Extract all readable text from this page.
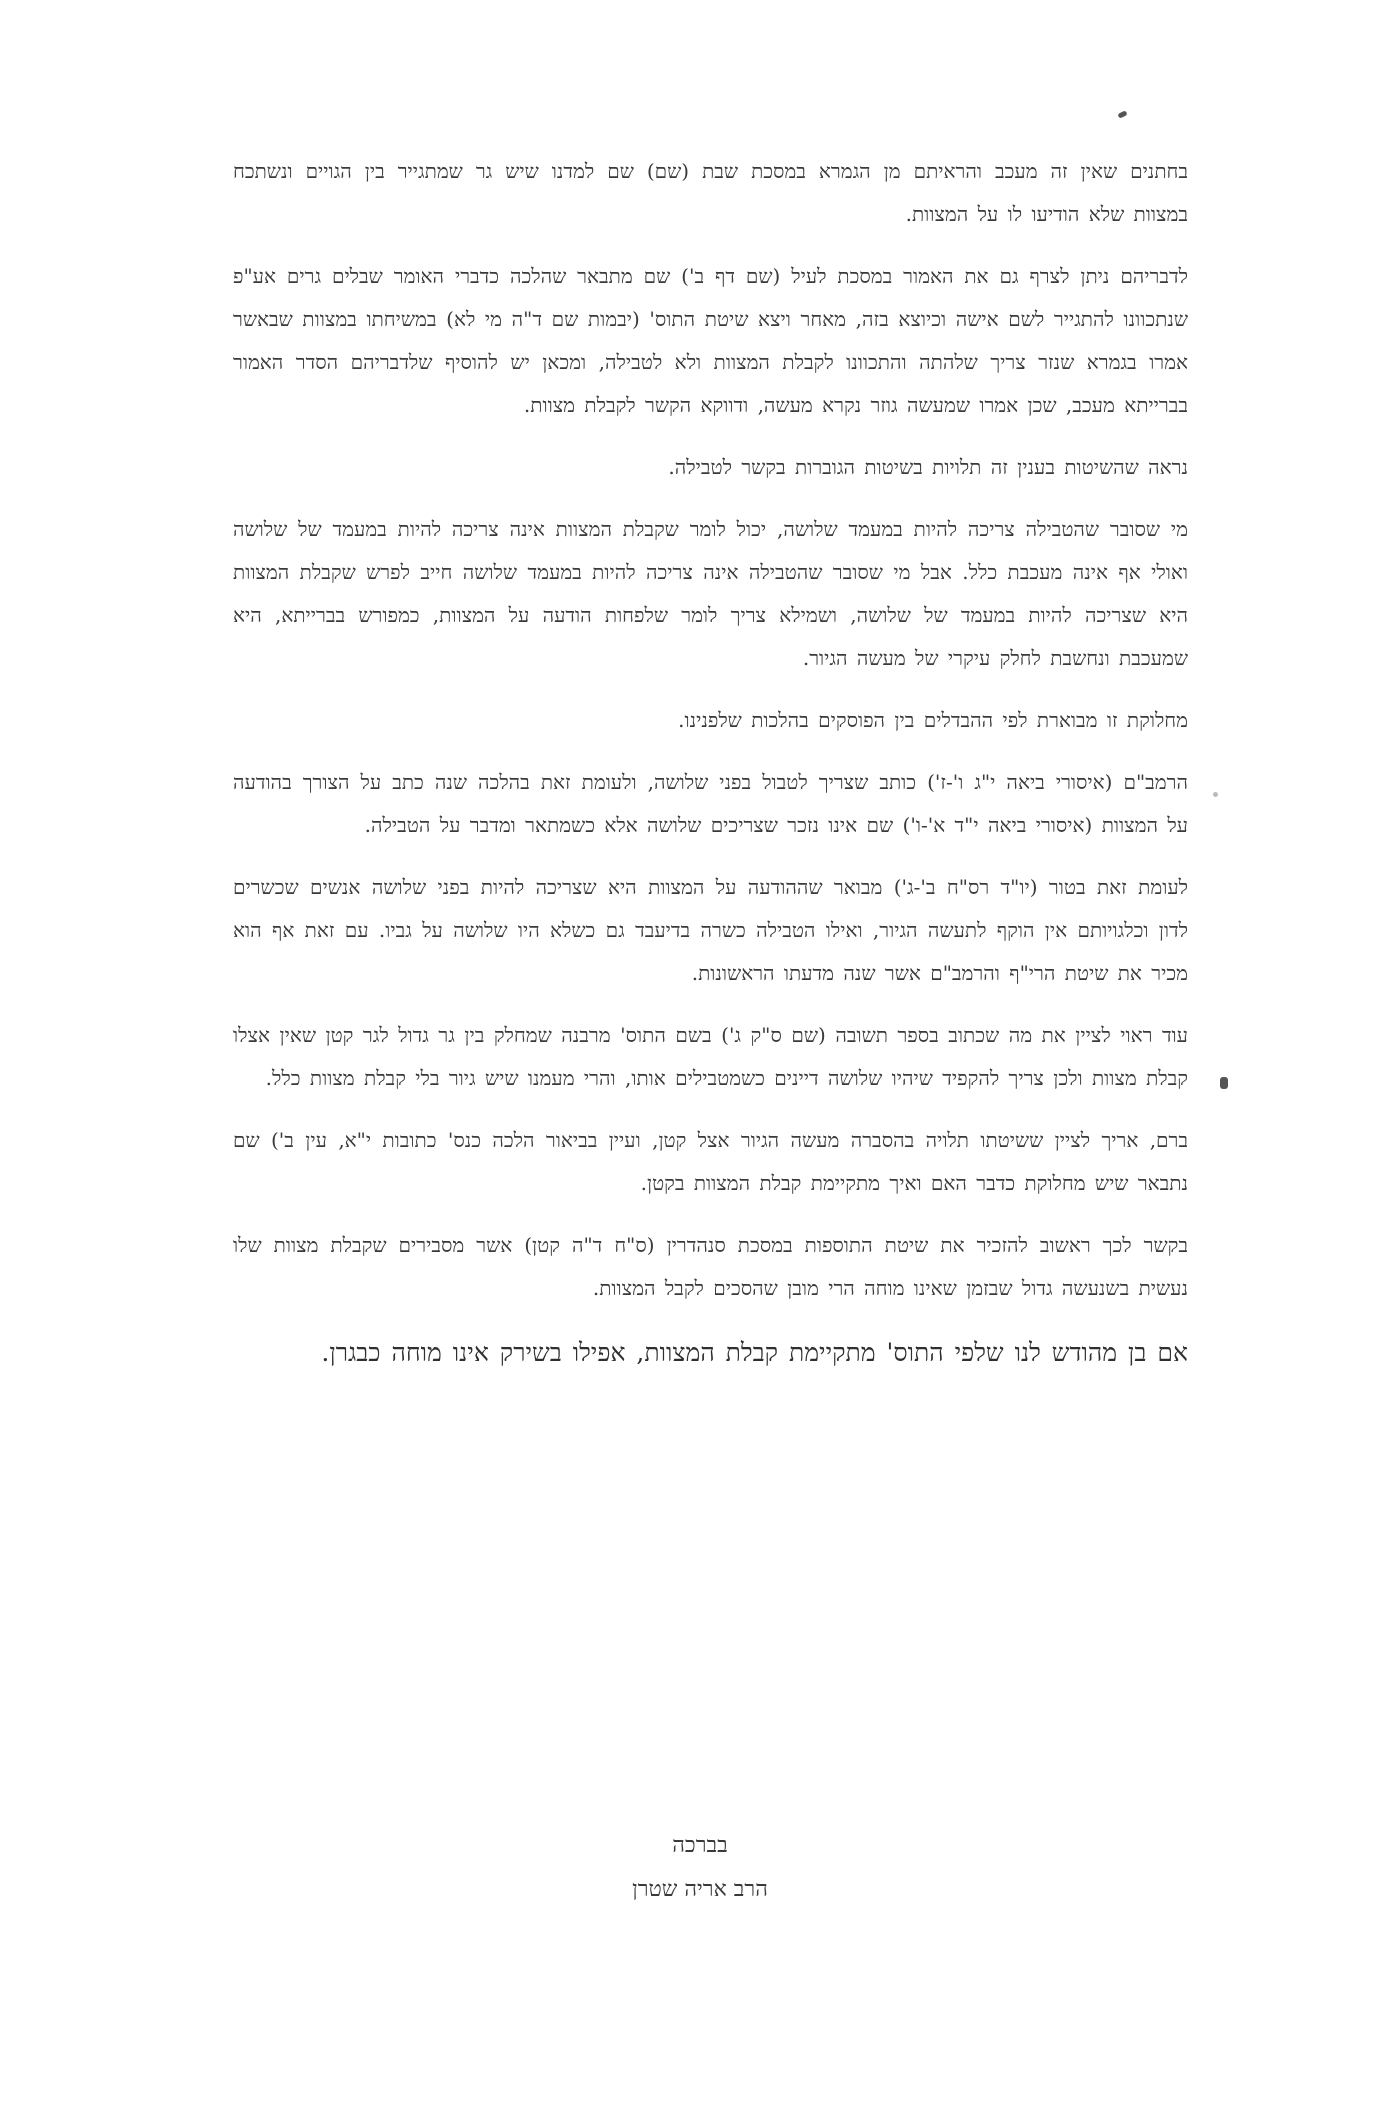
בחתנים שאין זה מעכב והראיתם מן הגמרא במסכת שבת (שם) שם למדנו שיש גר שמתגייר בין הגויים ונשתכח במצוות שלא הודיעו לו על המצוות.

לדבריהם ניתן לצרף גם את האמור במסכת לעיל (שם דף ב') שם מתבאר שהלכה כדברי האומר שבלים גרים אע"פ שנתכוונו להתגייר לשם אישה וכיוצא בזה, מאחר ויצא שיטת התוס' (יבמות שם ד"ה מי לא) במשיחתו במצוות שבאשר אמרו בגמרא שנזר צריך שלהתה והתכוונו לקבלת המצוות ולא לטבילה, ומכאן יש להוסיף שלדבריהם הסדר האמור בברייתא מעכב, שכן אמרו שמעשה גוזר נקרא מעשה, ודווקא הקשר לקבלת מצוות.

נראה שהשיטות בענין זה תלויות בשיטות הגוברות בקשר לטבילה.

מי שסובר שהטבילה צריכה להיות במעמד שלושה, יכול לומר שקבלת המצוות אינה צריכה להיות במעמד של שלושה ואולי אף אינה מעכבת כלל. אבל מי שסובר שהטבילה אינה צריכה להיות במעמד שלושה חייב לפרש שקבלת המצוות היא שצריכה להיות במעמד של שלושה, ושמילא צריך לומר שלפחות הודעה על המצוות, כמפורש בברייתא, היא שמעכבת ונחשבת לחלק עיקרי של מעשה הגיור.

מחלוקת זו מבוארת לפי ההבדלים בין הפוסקים בהלכות שלפנינו.

הרמב"ם (איסורי ביאה י"ג ו'-ז') כותב שצריך לטבול בפני שלושה, ולעומת זאת בהלכה שנה כתב על הצורך בהודעה על המצוות (איסורי ביאה י"ד א'-ו') שם אינו נזכר שצריכים שלושה אלא כשמתאר ומדבר על הטבילה.

לעומת זאת בטור (יו"ד רס"ח ב'-ג') מבואר שההודעה על המצוות היא שצריכה להיות בפני שלושה אנשים שכשרים לדון וכלגויותם אין הוקף לתעשה הגיור, ואילו הטבילה כשרה בדיעבד גם כשלא היו שלושה על גביו. עם זאת אף הוא מכיר את שיטת הרי"ף והרמב"ם אשר שנה מדעתו הראשונות.

עוד ראוי לציין את מה שכתוב בספר תשובה (שם ס"ק ג') בשם התוס' מרבנה שמחלק בין גר גדול לגר קטן שאין אצלו קבלת מצוות ולכן צריך להקפיד שיהיו שלושה דיינים כשמטבילים אותו, והרי מעמנו שיש גיור בלי קבלת מצוות כלל.

ברם, אריך לציין ששיטתו תלויה בהסברה מעשה הגיור אצל קטן, ועיין בביאור הלכה כנס' כתובות י"א, עין ב') שם נתבאר שיש מחלוקת כדבר האם ואיך מתקיימת קבלת המצוות בקטן.

בקשר לכך ראשוב להזכיר את שיטת התוספות במסכת סנהדרין (ס"ח ד"ה קטן) אשר מסבירים שקבלת מצוות שלו נעשית בשנעשה גדול שבזמן שאינו מוחה הרי מובן שהסכים לקבל המצוות.

אם בן מהודש לנו שלפי התוס' מתקיימת קבלת המצוות, אפילו בשירק אינו מוחה כבגרן.

בברכה
הרב אריה שטרן
